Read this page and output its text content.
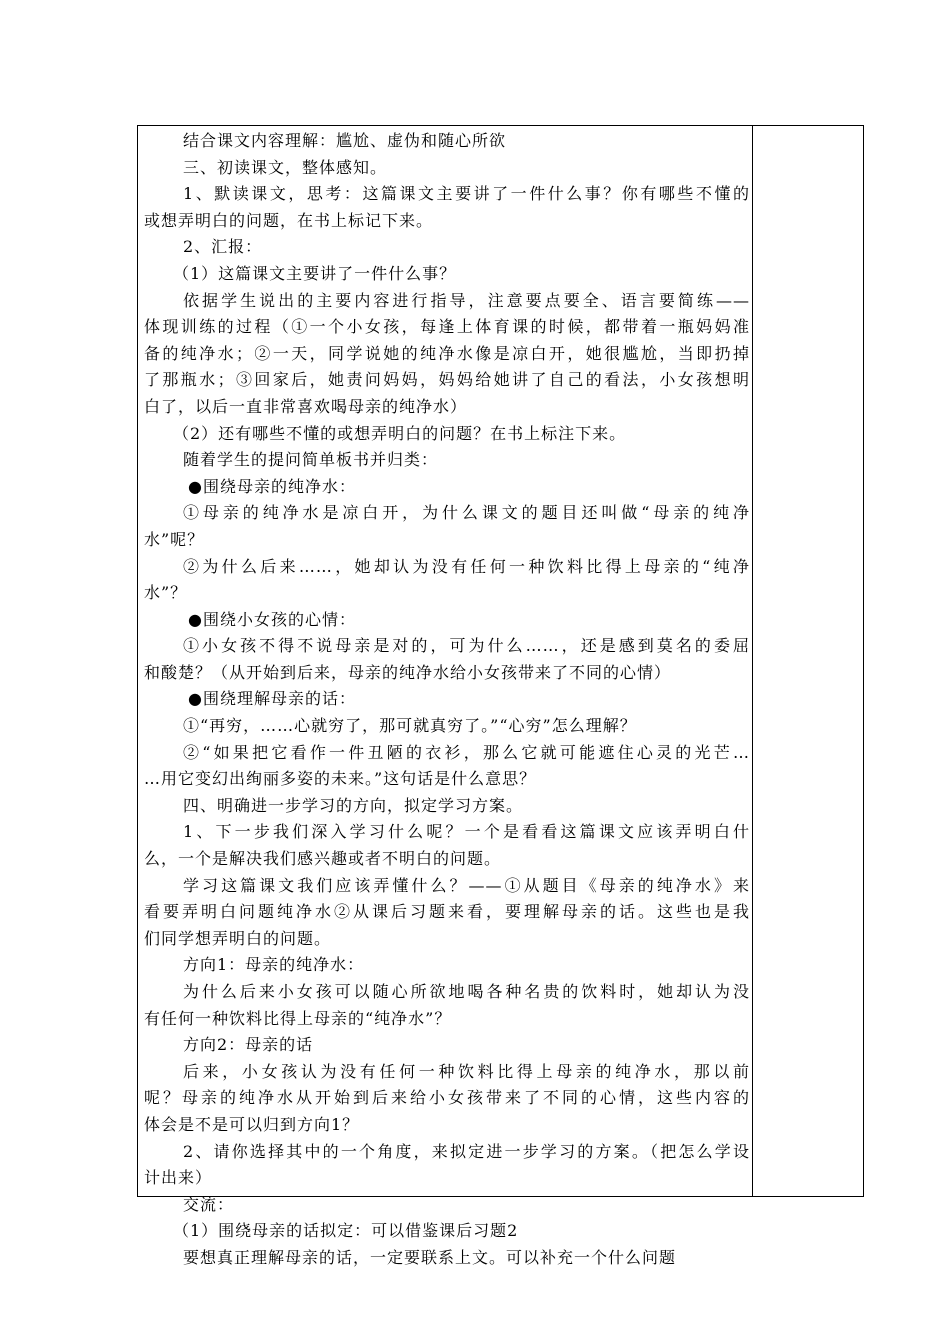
结合课文内容理解：尴尬、虚伪和随心所欲
三、初读课文，整体感知。
1、默读课文，思考：这篇课文主要讲了一件什么事？你有哪些不懂的
或想弄明白的问题，在书上标记下来。
2、汇报：
（1）这篇课文主要讲了一件什么事？
依据学生说出的主要内容进行指导，注意要点要全、语言要简练——
体现训练的过程（①一个小女孩，每逢上体育课的时候，都带着一瓶妈妈准
备的纯净水；②一天，同学说她的纯净水像是凉白开，她很尴尬，当即扔掉
了那瓶水；③回家后，她责问妈妈，妈妈给她讲了自己的看法，小女孩想明
白了，以后一直非常喜欢喝母亲的纯净水）
（2）还有哪些不懂的或想弄明白的问题？在书上标注下来。
随着学生的提问简单板书并归类：
●围绕母亲的纯净水：
①母亲的纯净水是凉白开，为什么课文的题目还叫做“母亲的纯净
水”呢？
②为什么后来……，她却认为没有任何一种饮料比得上母亲的“纯净
水”？
●围绕小女孩的心情：
①小女孩不得不说母亲是对的，可为什么……，还是感到莫名的委屈
和酸楚？（从开始到后来，母亲的纯净水给小女孩带来了不同的心情）
●围绕理解母亲的话：
①“再穷，……心就穷了，那可就真穷了。”“心穷”怎么理解？
②“如果把它看作一件丑陋的衣衫，那么它就可能遮住心灵的光芒…
…用它变幻出绚丽多姿的未来。”这句话是什么意思？
四、明确进一步学习的方向，拟定学习方案。
1、下一步我们深入学习什么呢？一个是看看这篇课文应该弄明白什
么，一个是解决我们感兴趣或者不明白的问题。
学习这篇课文我们应该弄懂什么？——①从题目《母亲的纯净水》来
看要弄明白问题纯净水②从课后习题来看，要理解母亲的话。这些也是我
们同学想弄明白的问题。
方向1：母亲的纯净水：
为什么后来小女孩可以随心所欲地喝各种名贵的饮料时，她却认为没
有任何一种饮料比得上母亲的“纯净水”？
方向2：母亲的话
后来，小女孩认为没有任何一种饮料比得上母亲的纯净水，那以前
呢？母亲的纯净水从开始到后来给小女孩带来了不同的心情，这些内容的
体会是不是可以归到方向1？
2、请你选择其中的一个角度，来拟定进一步学习的方案。（把怎么学设
计出来）
交流：
（1）围绕母亲的话拟定：可以借鉴课后习题2
要想真正理解母亲的话，一定要联系上文。可以补充一个什么问题
